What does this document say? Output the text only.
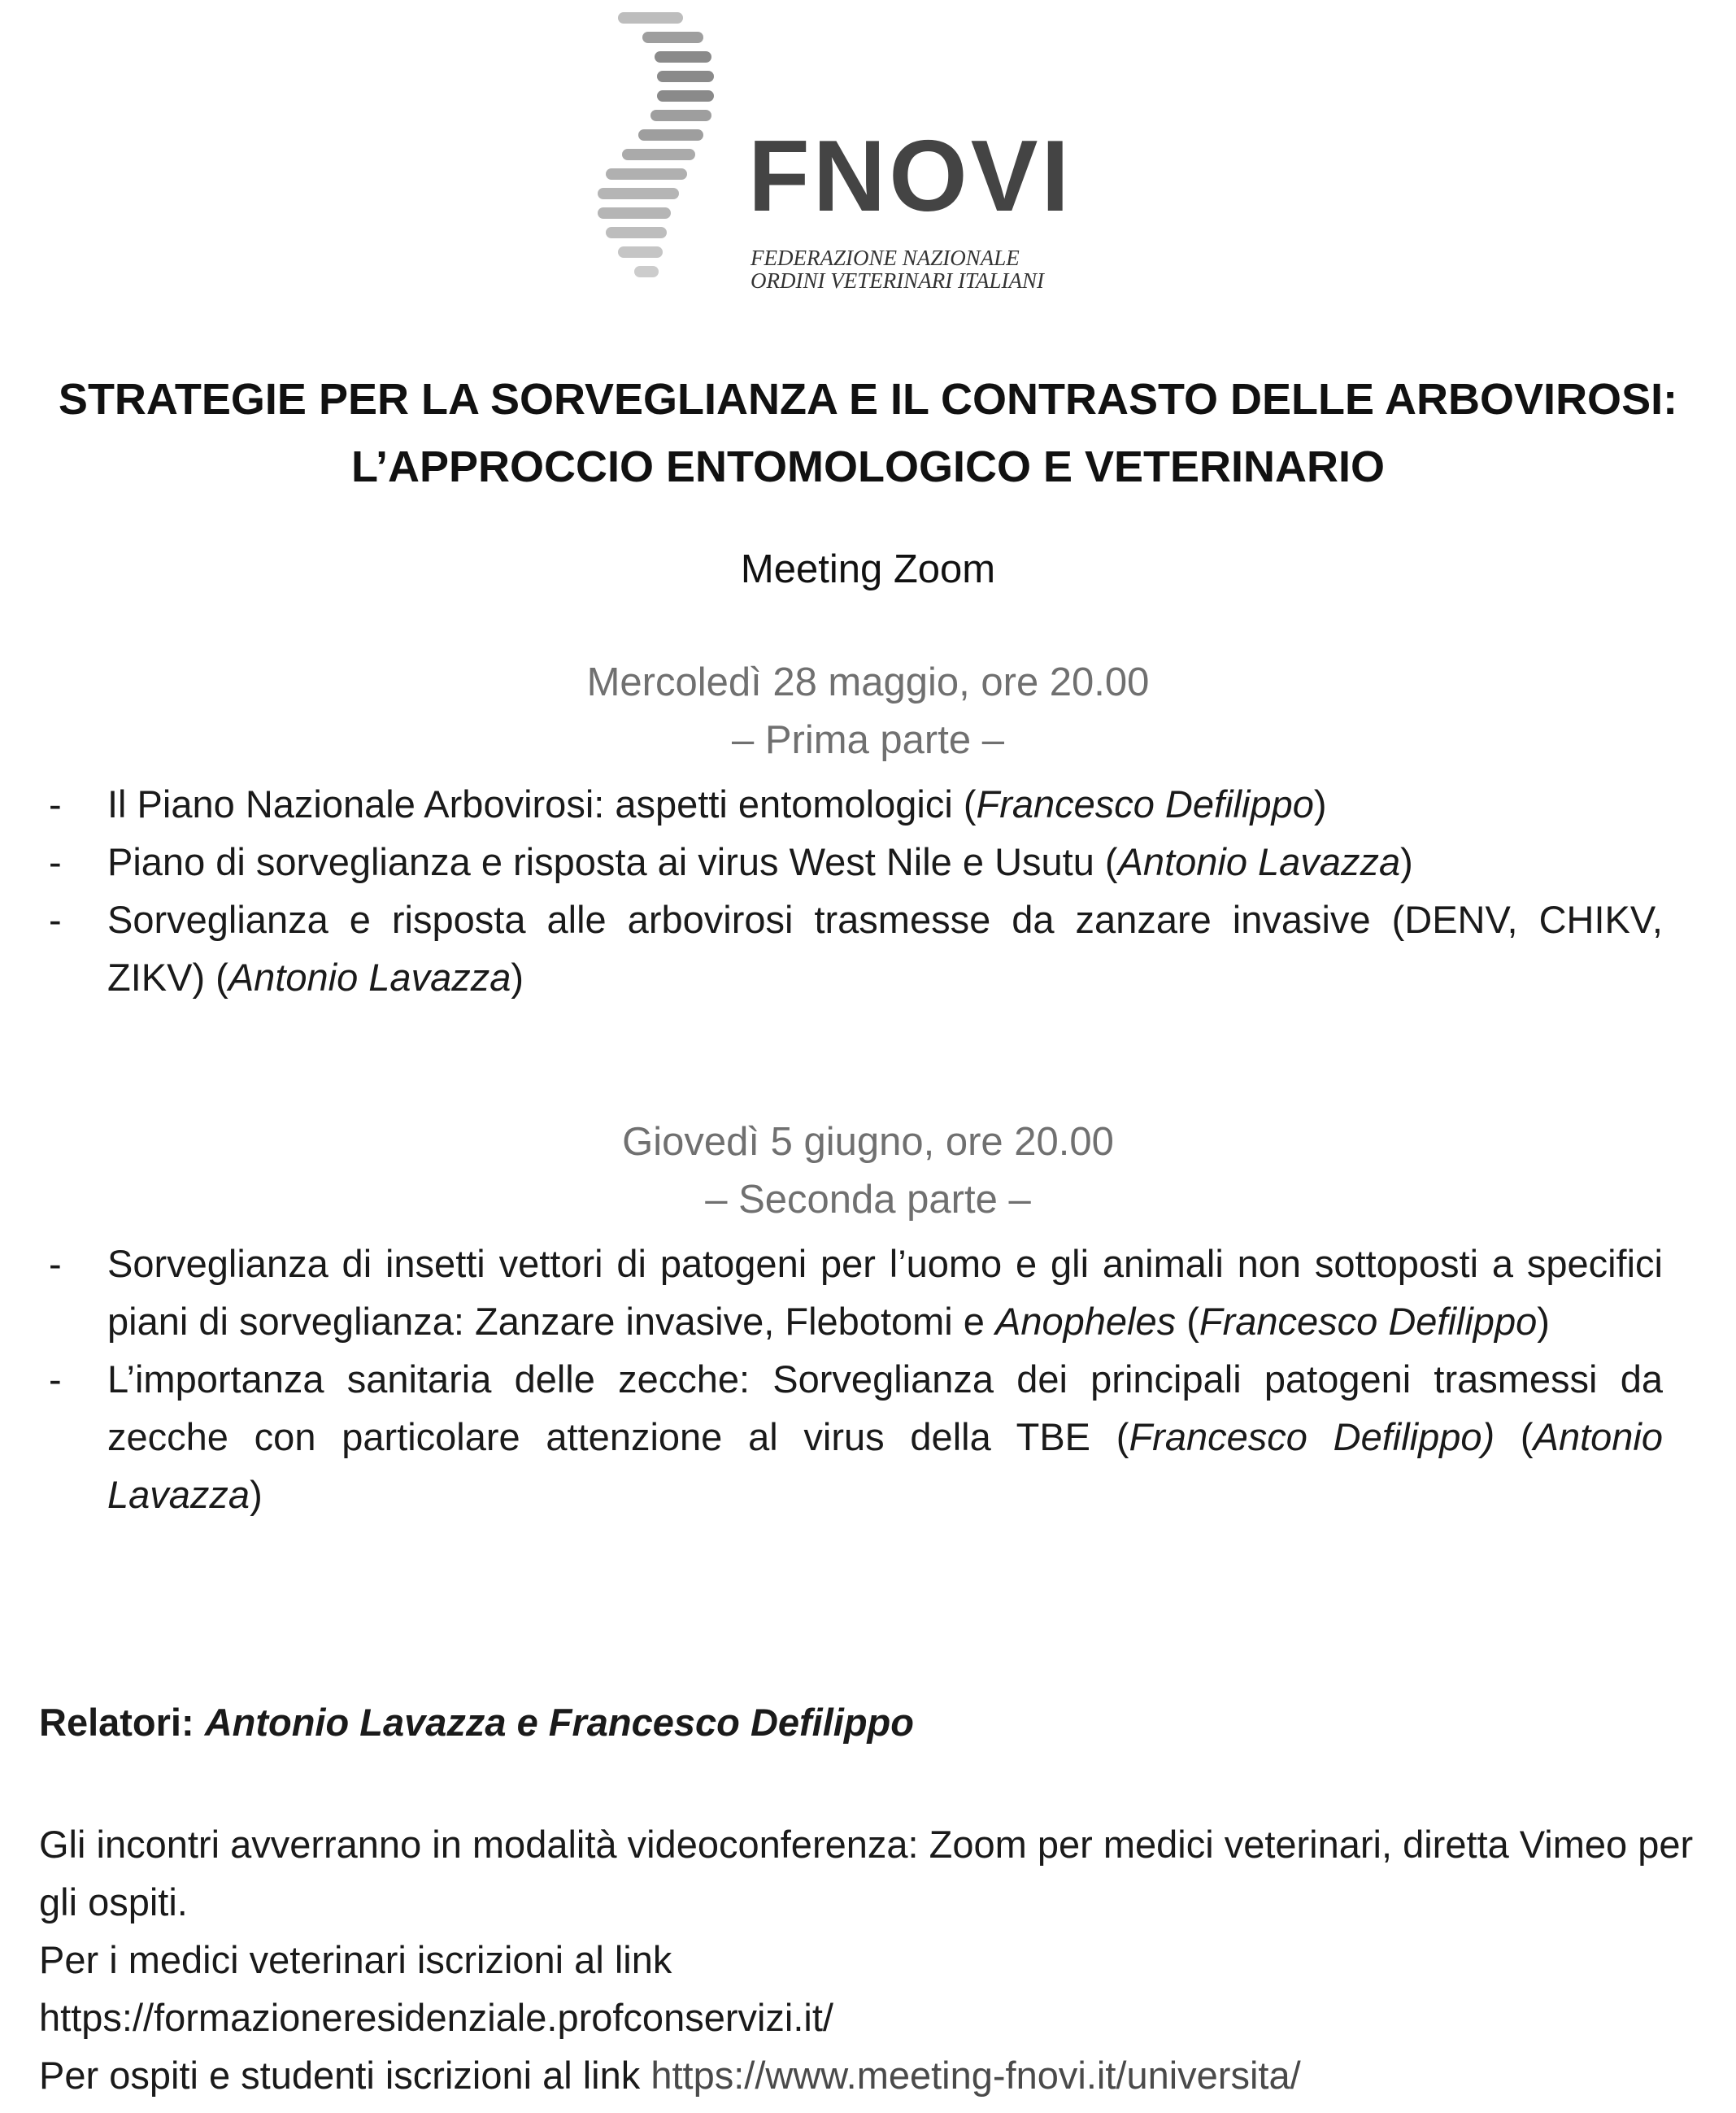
FNOVI
FEDERAZIONE NAZIONALE
ORDINI VETERINARI ITALIANI
STRATEGIE PER LA SORVEGLIANZA E IL CONTRASTO DELLE ARBOVIROSI:
L’APPROCCIO ENTOMOLOGICO E VETERINARIO
Meeting Zoom
Mercoledì 28 maggio, ore 20.00
– Prima parte –
- Il Piano Nazionale Arbovirosi: aspetti entomologici (Francesco Defilippo)
- Piano di sorveglianza e risposta ai virus West Nile e Usutu (Antonio Lavazza)
- Sorveglianza e risposta alle arbovirosi trasmesse da zanzare invasive (DENV, CHIKV, ZIKV) (Antonio Lavazza)
Giovedì 5 giugno, ore 20.00
– Seconda parte –
- Sorveglianza di insetti vettori di patogeni per l’uomo e gli animali non sottoposti a specifici piani di sorveglianza: Zanzare invasive, Flebotomi e Anopheles (Francesco Defilippo)
- L’importanza sanitaria delle zecche: Sorveglianza dei principali patogeni trasmessi da zecche con particolare attenzione al virus della TBE (Francesco Defilippo) (Antonio Lavazza)
Relatori: Antonio Lavazza e Francesco Defilippo
Gli incontri avverranno in modalità videoconferenza: Zoom per medici veterinari, diretta Vimeo per gli ospiti.
Per i medici veterinari iscrizioni al link
https://formazioneresidenziale.profconservizi.it/
Per ospiti e studenti iscrizioni al link https://www.meeting-fnovi.it/universita/
